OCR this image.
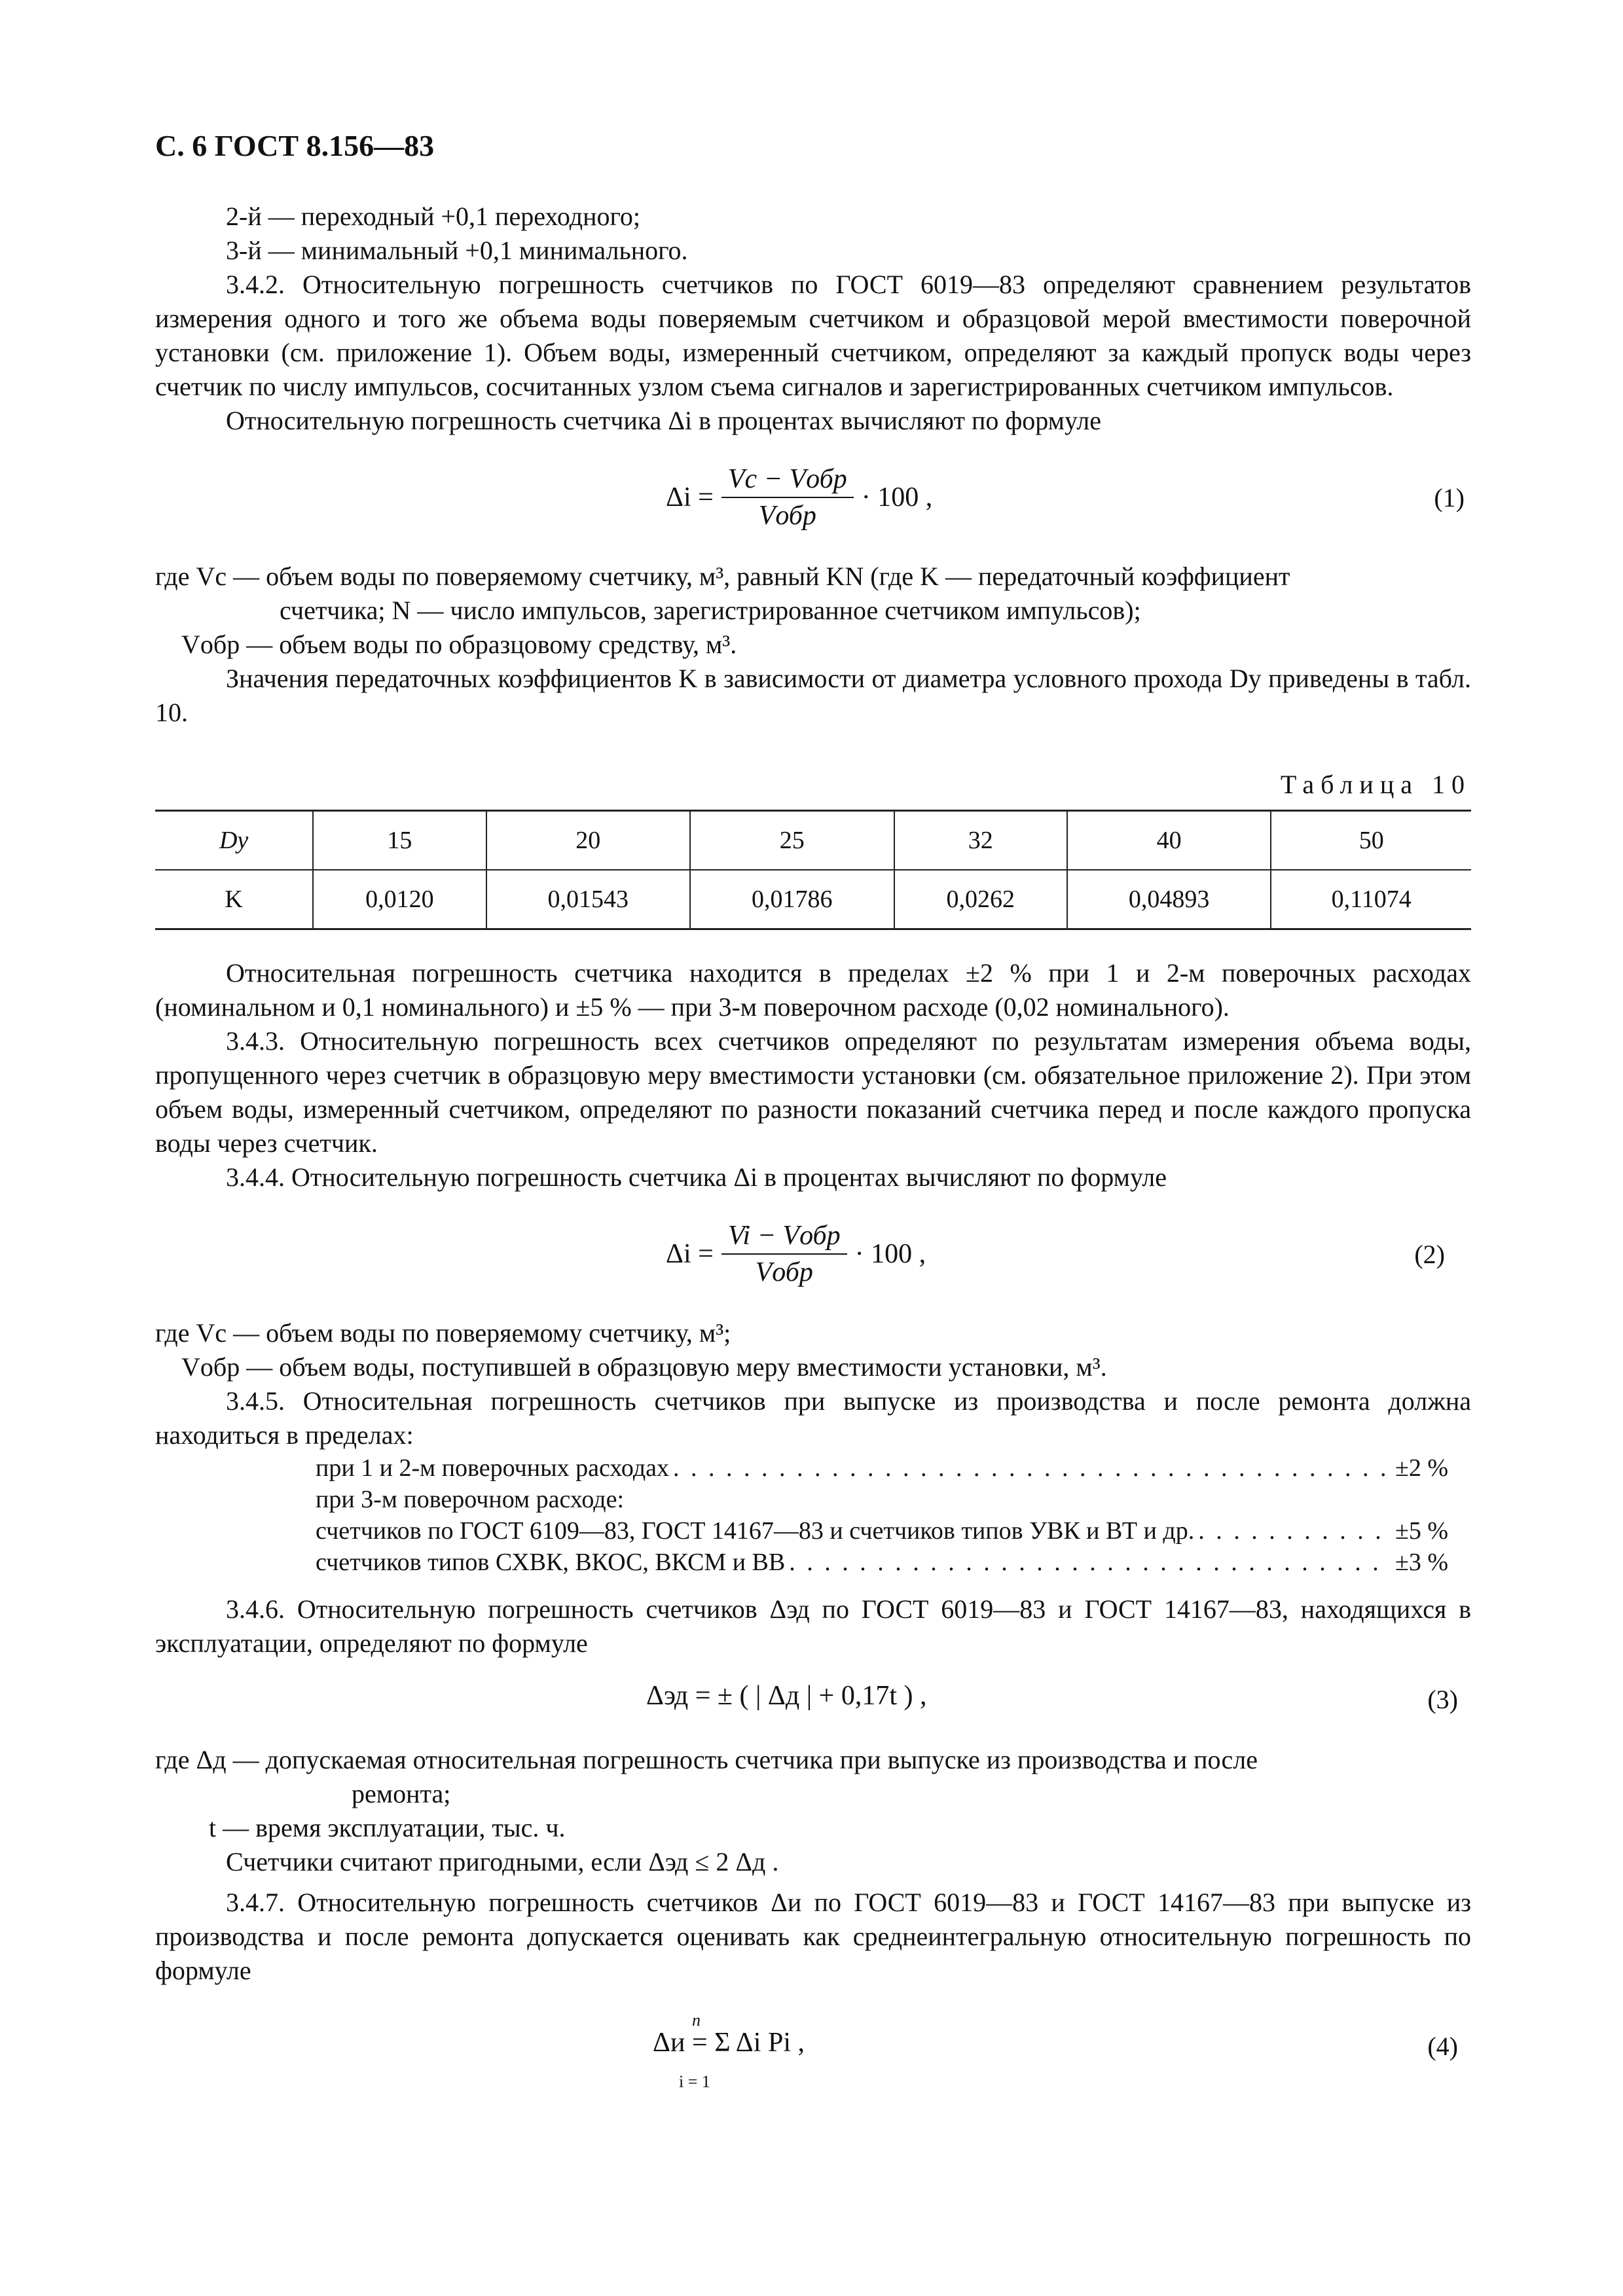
С. 6 ГОСТ 8.156—83

2-й — переходный +0,1 переходного;

3-й — минимальный +0,1 минимального.

3.4.2. Относительную погрешность счетчиков по ГОСТ 6019—83 определяют сравнением результатов измерения одного и того же объема воды поверяемым счетчиком и образцовой мерой вместимости поверочной установки (см. приложение 1). Объем воды, измеренный счетчиком, определяют за каждый пропуск воды через счетчик по числу импульсов, сосчитанных узлом съема сигналов и зарегистрированных счетчиком импульсов.

Относительную погрешность счетчика Δi в процентах вычисляют по формуле

$\Delta i = \frac{\text{Vc − Vобр}}{\text{Vобр}} \cdot 100$ ,	(1)

где Vc — объем воды по поверяемому счетчику, м³, равный KN (где K — передаточный коэффициент

счетчика; N — число импульсов, зарегистрированное счетчиком импульсов);

Vобр — объем воды по образцовому средству, м³.

Значения передаточных коэффициентов K в зависимости от диаметра условного прохода Dу приведены в табл. 10.

Таблица 10
Dу	15	20	25	32	40	50
K	0,0120	0,01543	0,01786	0,0262	0,04893	0,11074

Относительная погрешность счетчика находится в пределах ±2 % при 1 и 2-м поверочных расходах (номинальном и 0,1 номинального) и ±5 % — при 3-м поверочном расходе (0,02 номинального).

3.4.3. Относительную погрешность всех счетчиков определяют по результатам измерения объема воды, пропущенного через счетчик в образцовую меру вместимости установки (см. обязательное приложение 2). При этом объем воды, измеренный счетчиком, определяют по разности показаний счетчика перед и после каждого пропуска воды через счетчик.

3.4.4. Относительную погрешность счетчика Δi в процентах вычисляют по формуле

$\Delta i = \frac{\text{Vi − Vобр}}{\text{Vобр}} \cdot 100$ ,	(2)

где Vc — объем воды по поверяемому счетчику, м³;

Vобр — объем воды, поступившей в образцовую меру вместимости установки, м³.

3.4.5. Относительная погрешность счетчиков при выпуске из производства и после ремонта должна находиться в пределах:

при 1 и 2-м поверочных расходах . . .	±2 %
при 3-м поверочном расходе:
счетчиков по ГОСТ 6109—83, ГОСТ 14167—83 и счетчиков типов УВК и ВТ и др. . . .	±5 %
счетчиков типов СХВК, ВКОС, ВКСМ и ВВ . . .	±3 %

3.4.6. Относительную погрешность счетчиков Δэд по ГОСТ 6019—83 и ГОСТ 14167—83, находящихся в эксплуатации, определяют по формуле

Δэд = ± ( | Δд | + 0,17t ) ,	(3)

где Δд — допускаемая относительная погрешность счетчика при выпуске из производства и после

ремонта;

t — время эксплуатации, тыс. ч.

Счетчики считают пригодными, если Δэд ≤ 2 Δд .

3.4.7. Относительную погрешность счетчиков Δи по ГОСТ 6019—83 и ГОСТ 14167—83 при выпуске из производства и после ремонта допускается оценивать как среднеинтегральную относительную погрешность по формуле

n
Δи = Σ Δi Pi ,
i = 1
(4)
